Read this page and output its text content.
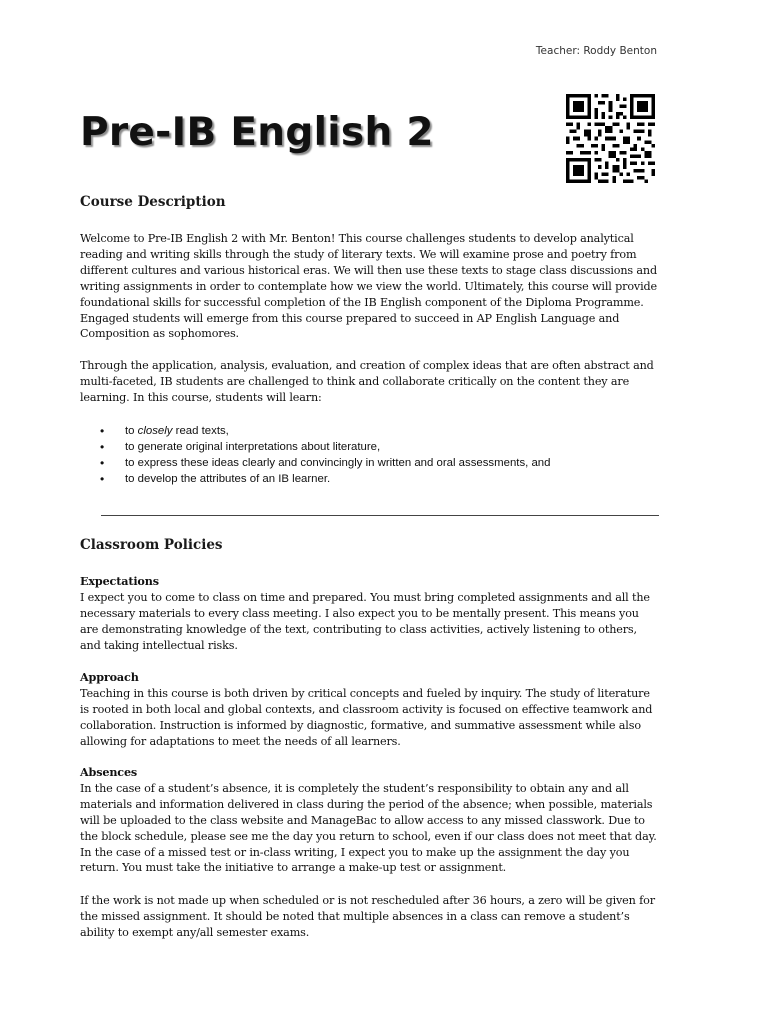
Teacher: Roddy Benton
Pre-IB English 2
Course Description

Welcome to Pre-IB English 2 with Mr. Benton! This course challenges students to develop analytical reading and writing skills through the study of literary texts. We will examine prose and poetry from different cultures and various historical eras. We will then use these texts to stage class discussions and writing assignments in order to contemplate how we view the world. Ultimately, this course will provide foundational skills for successful completion of the IB English component of the Diploma Programme. Engaged students will emerge from this course prepared to succeed in AP English Language and Composition as sophomores.

Through the application, analysis, evaluation, and creation of complex ideas that are often abstract and multi-faceted, IB students are challenged to think and collaborate critically on the content they are learning. In this course, students will learn:

• to closely read texts,
• to generate original interpretations about literature,
• to express these ideas clearly and convincingly in written and oral assessments, and
• to develop the attributes of an IB learner.
Classroom Policies

Expectations
I expect you to come to class on time and prepared. You must bring completed assignments and all the necessary materials to every class meeting. I also expect you to be mentally present. This means you are demonstrating knowledge of the text, contributing to class activities, actively listening to others, and taking intellectual risks.

Approach
Teaching in this course is both driven by critical concepts and fueled by inquiry. The study of literature is rooted in both local and global contexts, and classroom activity is focused on effective teamwork and collaboration. Instruction is informed by diagnostic, formative, and summative assessment while also allowing for adaptations to meet the needs of all learners.

Absences
In the case of a student’s absence, it is completely the student’s responsibility to obtain any and all materials and information delivered in class during the period of the absence; when possible, materials will be uploaded to the class website and ManageBac to allow access to any missed classwork. Due to the block schedule, please see me the day you return to school, even if our class does not meet that day. In the case of a missed test or in-class writing, I expect you to make up the assignment the day you return. You must take the initiative to arrange a make-up test or assignment.

If the work is not made up when scheduled or is not rescheduled after 36 hours, a zero will be given for the missed assignment. It should be noted that multiple absences in a class can remove a student’s ability to exempt any/all semester exams.
